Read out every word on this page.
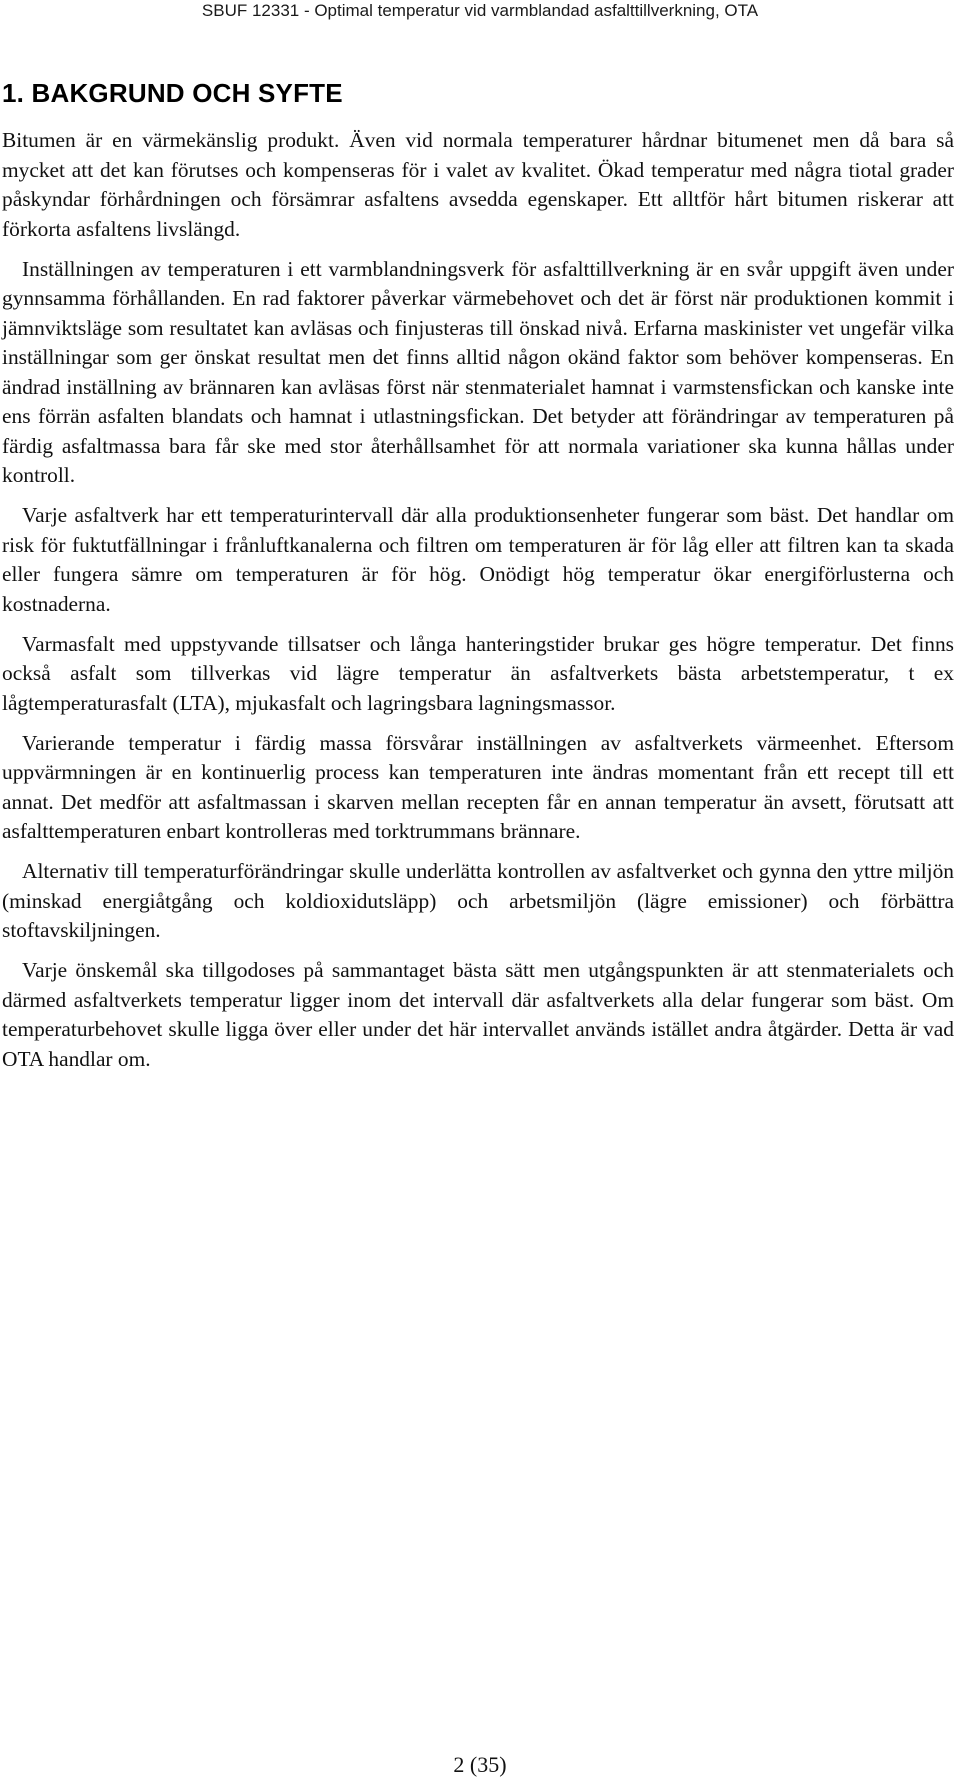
SBUF 12331 - Optimal temperatur vid varmblandad asfalttillverkning, OTA
1. BAKGRUND OCH SYFTE

Bitumen är en värmekänslig produkt. Även vid normala temperaturer hårdnar bitumenet men då bara så mycket att det kan förutses och kompenseras för i valet av kvalitet. Ökad temperatur med några tiotal grader påskyndar förhårdningen och försämrar asfaltens avsedda egenskaper. Ett alltför hårt bitumen riskerar att förkorta asfaltens livslängd.

Inställningen av temperaturen i ett varmblandningsverk för asfalttillverkning är en svår uppgift även under gynnsamma förhållanden. En rad faktorer påverkar värmebehovet och det är först när produktionen kommit i jämnviktsläge som resultatet kan avläsas och finjusteras till önskad nivå. Erfarna maskinister vet ungefär vilka inställningar som ger önskat resultat men det finns alltid någon okänd faktor som behöver kompenseras. En ändrad inställning av brännaren kan avläsas först när stenmaterialet hamnat i varmstensfickan och kanske inte ens förrän asfalten blandats och hamnat i utlastningsfickan. Det betyder att förändringar av temperaturen på färdig asfaltmassa bara får ske med stor återhållsamhet för att normala variationer ska kunna hållas under kontroll.

Varje asfaltverk har ett temperaturintervall där alla produktionsenheter fungerar som bäst. Det handlar om risk för fuktutfällningar i frånluftkanalerna och filtren om temperaturen är för låg eller att filtren kan ta skada eller fungera sämre om temperaturen är för hög. Onödigt hög temperatur ökar energiförlusterna och kostnaderna.

Varmasfalt med uppstyvande tillsatser och långa hanteringstider brukar ges högre temperatur. Det finns också asfalt som tillverkas vid lägre temperatur än asfaltverkets bästa arbetstemperatur, t ex lågtemperaturasfalt (LTA), mjukasfalt och lagringsbara lagningsmassor.

Varierande temperatur i färdig massa försvårar inställningen av asfaltverkets värmeenhet. Eftersom uppvärmningen är en kontinuerlig process kan temperaturen inte ändras momentant från ett recept till ett annat. Det medför att asfaltmassan i skarven mellan recepten får en annan temperatur än avsett, förutsatt att asfalttemperaturen enbart kontrolleras med torktrummans brännare.

Alternativ till temperaturförändringar skulle underlätta kontrollen av asfaltverket och gynna den yttre miljön (minskad energiåtgång och koldioxidutsläpp) och arbetsmiljön (lägre emissioner) och förbättra stoftavskiljningen.

Varje önskemål ska tillgodoses på sammantaget bästa sätt men utgångspunkten är att stenmaterialets och därmed asfaltverkets temperatur ligger inom det intervall där asfaltverkets alla delar fungerar som bäst. Om temperaturbehovet skulle ligga över eller under det här intervallet används istället andra åtgärder. Detta är vad OTA handlar om.

2 (35)
